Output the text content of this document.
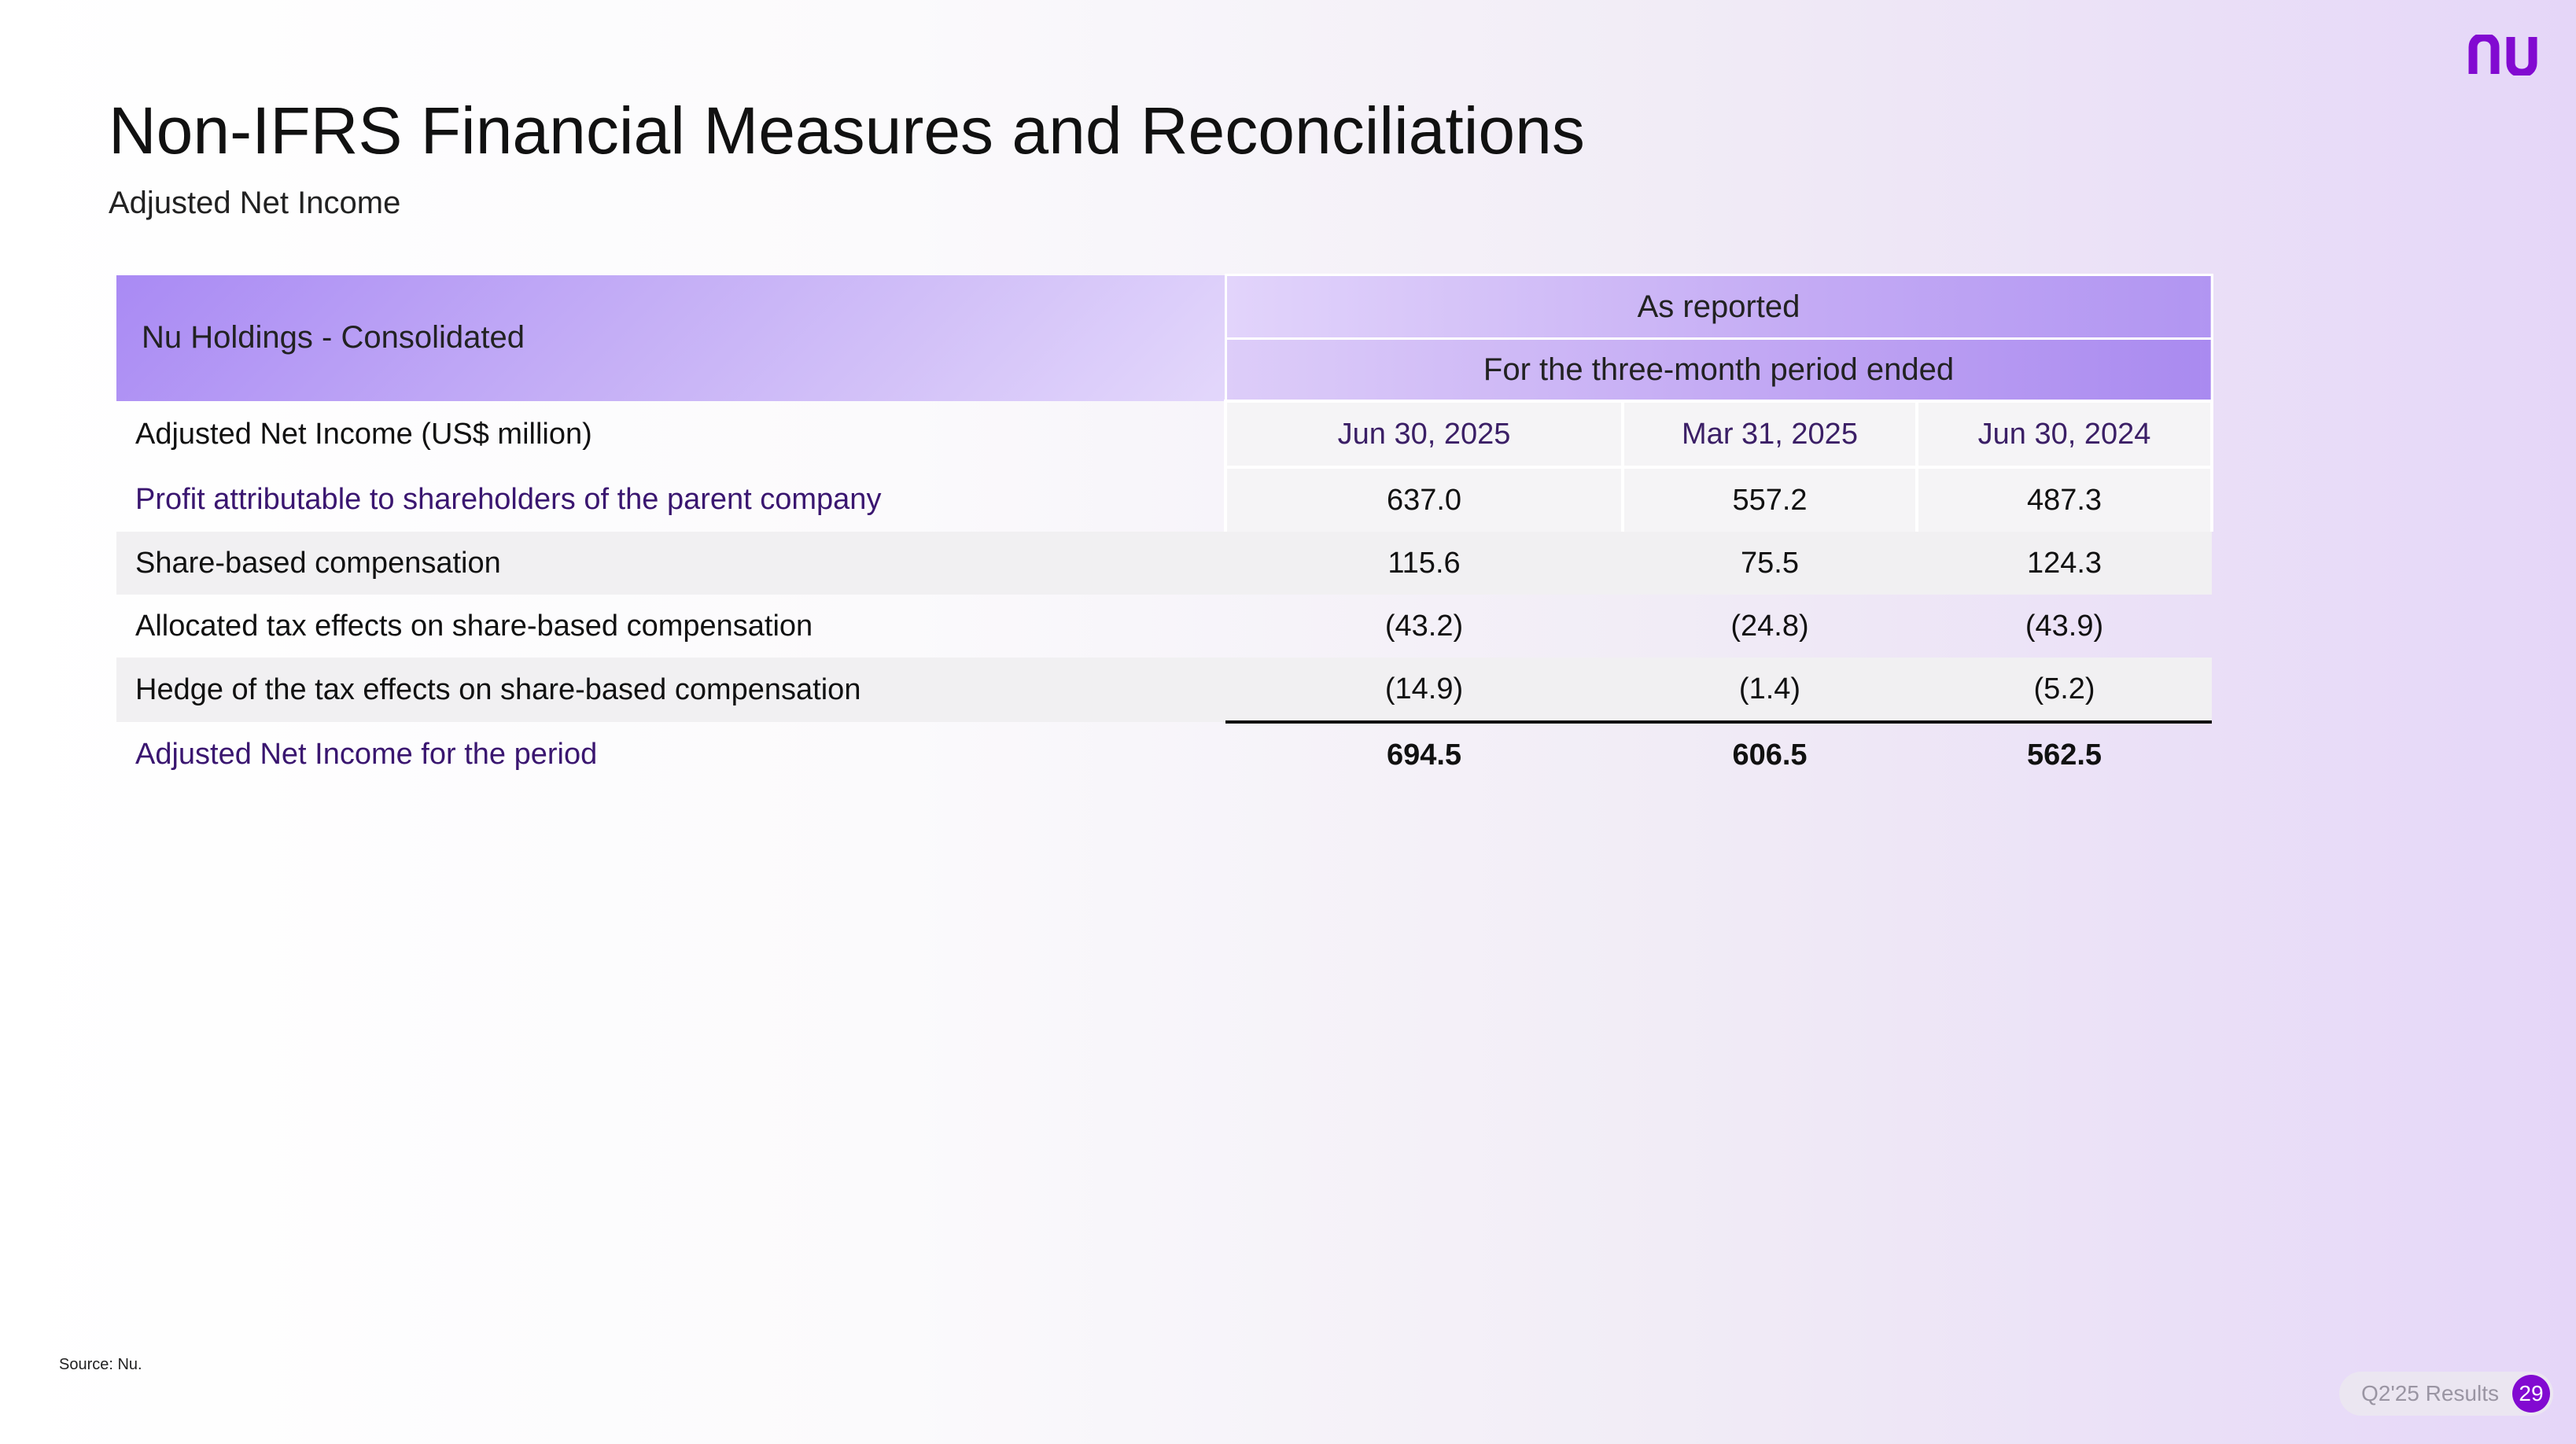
Non-IFRS Financial Measures and Reconciliations
Adjusted Net Income
Nu Holdings - Consolidated	As reported		
	For the three-month period ended		
Adjusted Net Income (US$ million)	Jun 30, 2025	Mar 31, 2025	Jun 30, 2024
Profit attributable to shareholders of the parent company	637.0	557.2	487.3
Share-based compensation	115.6	75.5	124.3
Allocated tax effects on share-based compensation	(43.2)	(24.8)	(43.9)
Hedge of the tax effects on share-based compensation	(14.9)	(1.4)	(5.2)
Adjusted Net Income for the period	694.5	606.5	562.5
Source: Nu.
Q2'25 Results 29
